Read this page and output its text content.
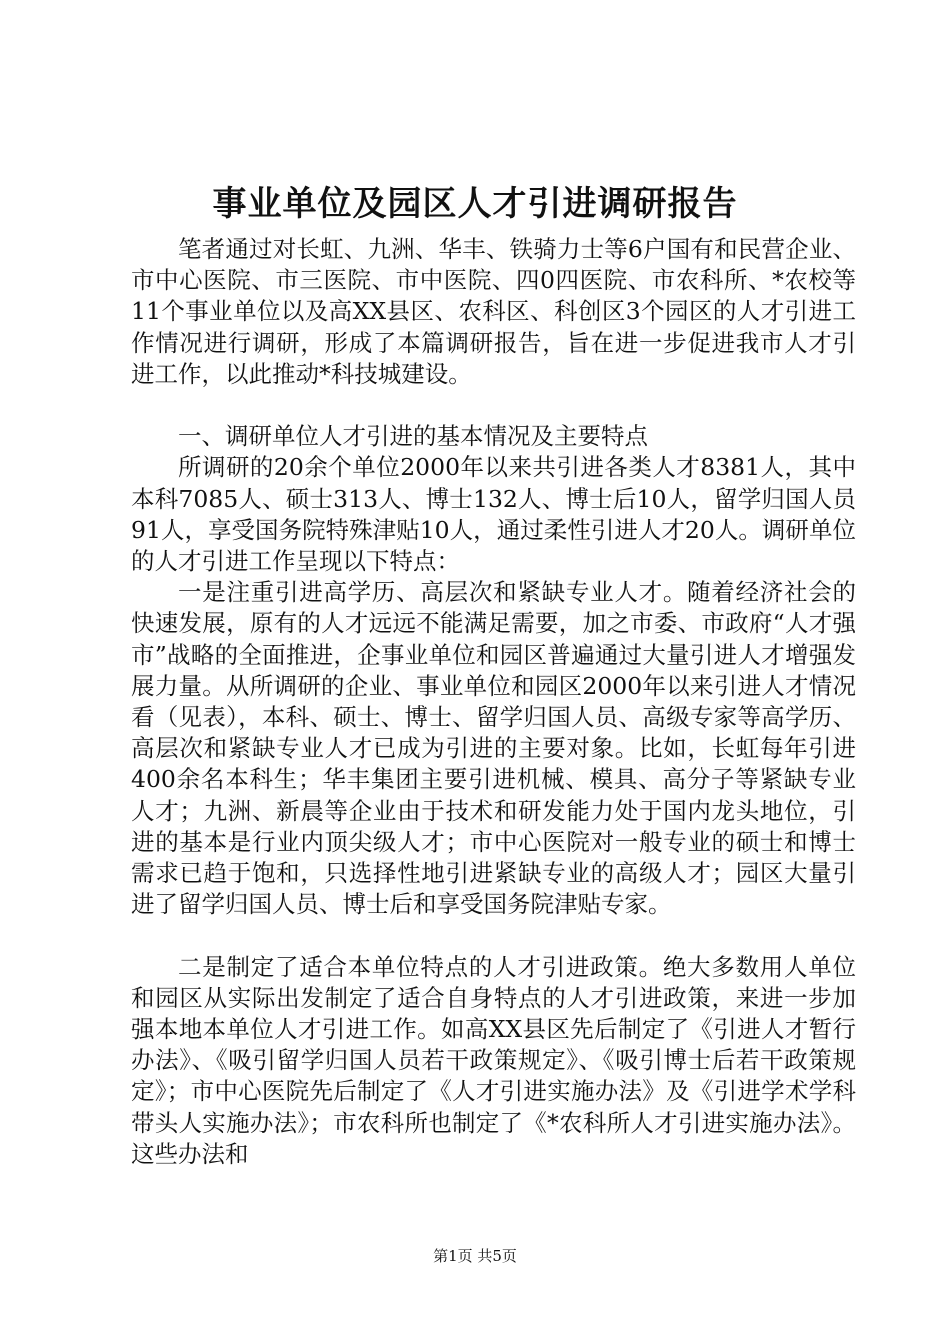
事业单位及园区人才引进调研报告

笔者通过对长虹、九洲、华丰、铁骑力士等6户国有和民营企业、市中心医院、市三医院、市中医院、四0四医院、市农科所、*农校等11个事业单位以及高XX县区、农科区、科创区3个园区的人才引进工作情况进行调研，形成了本篇调研报告，旨在进一步促进我市人才引进工作，以此推动*科技城建设。

一、调研单位人才引进的基本情况及主要特点

所调研的20余个单位2000年以来共引进各类人才8381人，其中本科7085人、硕士313人、博士132人、博士后10人，留学归国人员91人，享受国务院特殊津贴10人，通过柔性引进人才20人。调研单位的人才引进工作呈现以下特点：

一是注重引进高学历、高层次和紧缺专业人才。随着经济社会的快速发展，原有的人才远远不能满足需要，加之市委、市政府“人才强市”战略的全面推进，企事业单位和园区普遍通过大量引进人才增强发展力量。从所调研的企业、事业单位和园区2000年以来引进人才情况看（见表），本科、硕士、博士、留学归国人员、高级专家等高学历、高层次和紧缺专业人才已成为引进的主要对象。比如，长虹每年引进400余名本科生；华丰集团主要引进机械、模具、高分子等紧缺专业人才；九洲、新晨等企业由于技术和研发能力处于国内龙头地位，引进的基本是行业内顶尖级人才；市中心医院对一般专业的硕士和博士需求已趋于饱和，只选择性地引进紧缺专业的高级人才；园区大量引进了留学归国人员、博士后和享受国务院津贴专家。

二是制定了适合本单位特点的人才引进政策。绝大多数用人单位和园区从实际出发制定了适合自身特点的人才引进政策，来进一步加强本地本单位人才引进工作。如高XX县区先后制定了《引进人才暂行办法》、《吸引留学归国人员若干政策规定》、《吸引博士后若干政策规定》；市中心医院先后制定了《人才引进实施办法》及《引进学术学科带头人实施办法》；市农科所也制定了《*农科所人才引进实施办法》。这些办法和

第1页 共5页
